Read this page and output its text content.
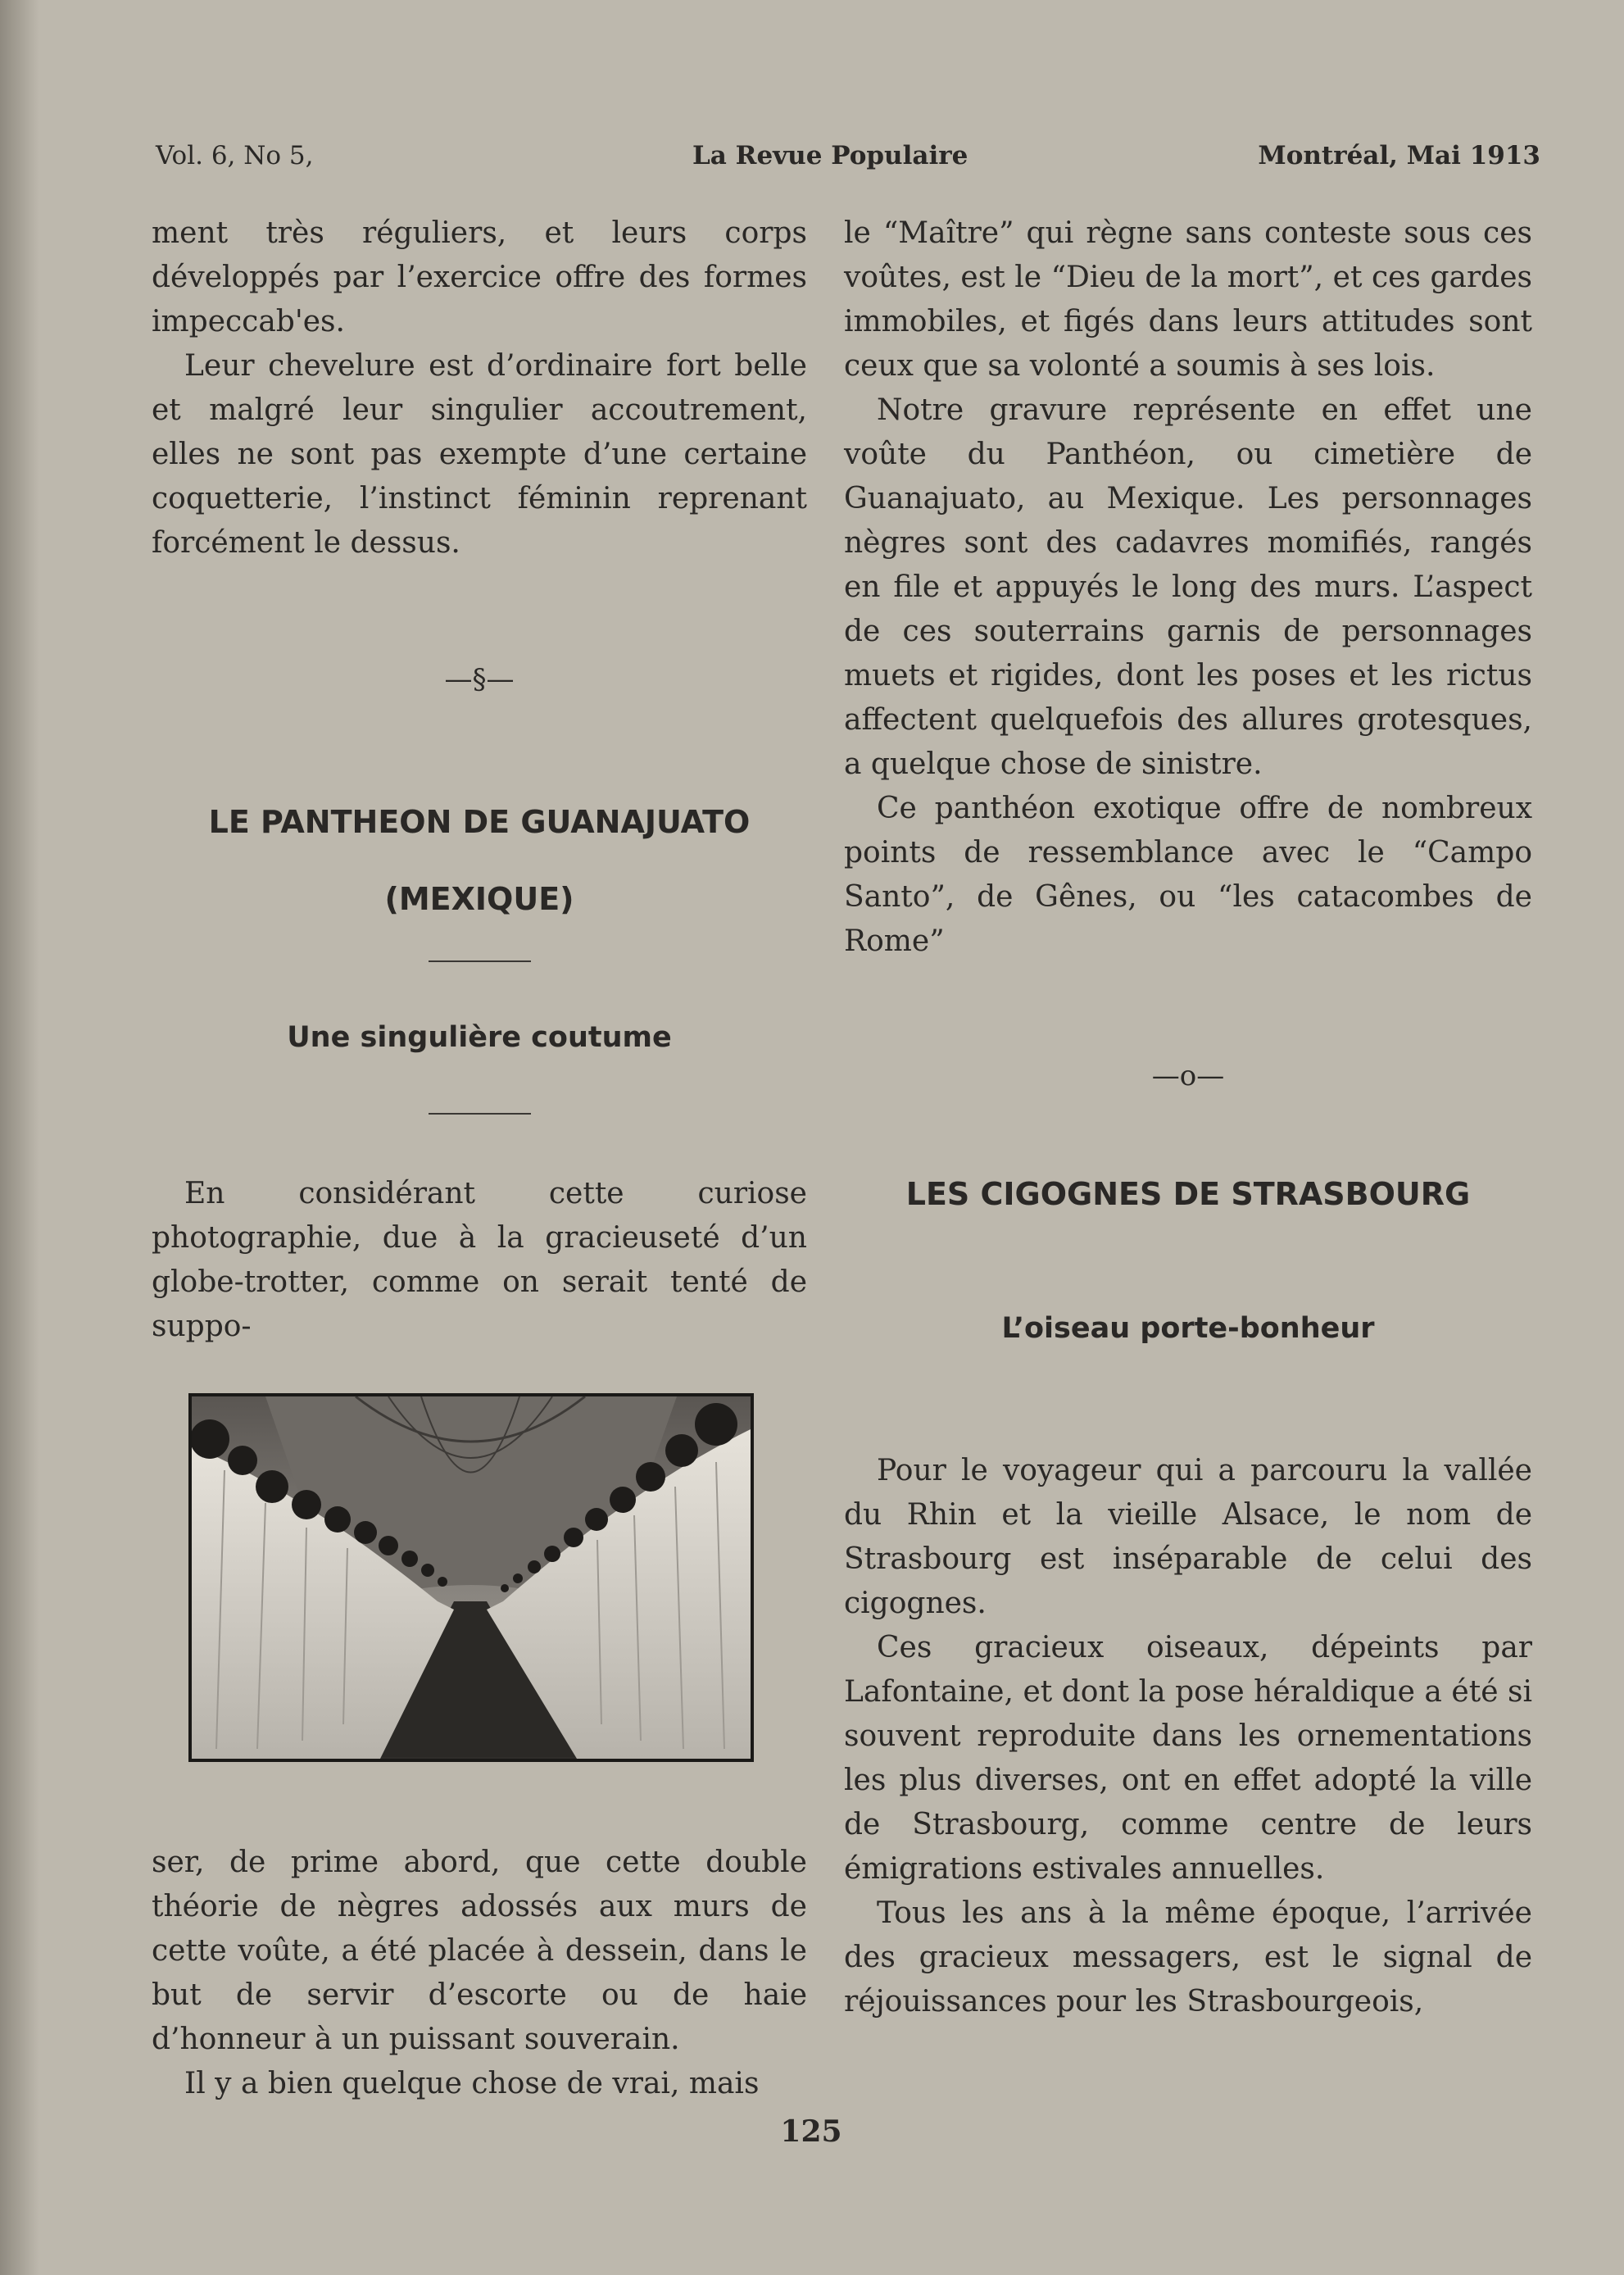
Vol. 6, No 5,	La Revue Populaire	Montréal, Mai 1913

ment très réguliers, et leurs corps développés par l’exercice offre des formes impeccab'es.

Leur chevelure est d’ordinaire fort belle et malgré leur singulier accoutrement, elles ne sont pas exempte d’une certaine coquetterie, l’instinct féminin reprenant forcément le dessus.

—§—

LE PANTHEON DE GUANAJUATO

(MEXIQUE)

Une singulière coutume

En considérant cette curiose photographie, due à la gracieuseté d’un globe-trotter, comme on serait tenté de suppo-

ser, de prime abord, que cette double théorie de nègres adossés aux murs de cette voûte, a été placée à dessein, dans le but de servir d’escorte ou de haie d’honneur à un puissant souverain.

Il y a bien quelque chose de vrai, mais

le “Maître” qui règne sans conteste sous ces voûtes, est le “Dieu de la mort”, et ces gardes immobiles, et figés dans leurs attitudes sont ceux que sa volonté a soumis à ses lois.

Notre gravure représente en effet une voûte du Panthéon, ou cimetière de Guanajuato, au Mexique. Les personnages nègres sont des cadavres momifiés, rangés en file et appuyés le long des murs. L’aspect de ces souterrains garnis de personnages muets et rigides, dont les poses et les rictus affectent quelquefois des allures grotesques, a quelque chose de sinistre.

Ce panthéon exotique offre de nombreux points de ressemblance avec le “Campo Santo”, de Gênes, ou “les catacombes de Rome”

—o—

LES CIGOGNES DE STRASBOURG

L’oiseau porte-bonheur

Pour le voyageur qui a parcouru la vallée du Rhin et la vieille Alsace, le nom de Strasbourg est inséparable de celui des cigognes.

Ces gracieux oiseaux, dépeints par Lafontaine, et dont la pose héraldique a été si souvent reproduite dans les ornementations les plus diverses, ont en effet adopté la ville de Strasbourg, comme centre de leurs émigrations estivales annuelles.

Tous les ans à la même époque, l’arrivée des gracieux messagers, est le signal de réjouissances pour les Strasbourgeois,

125
